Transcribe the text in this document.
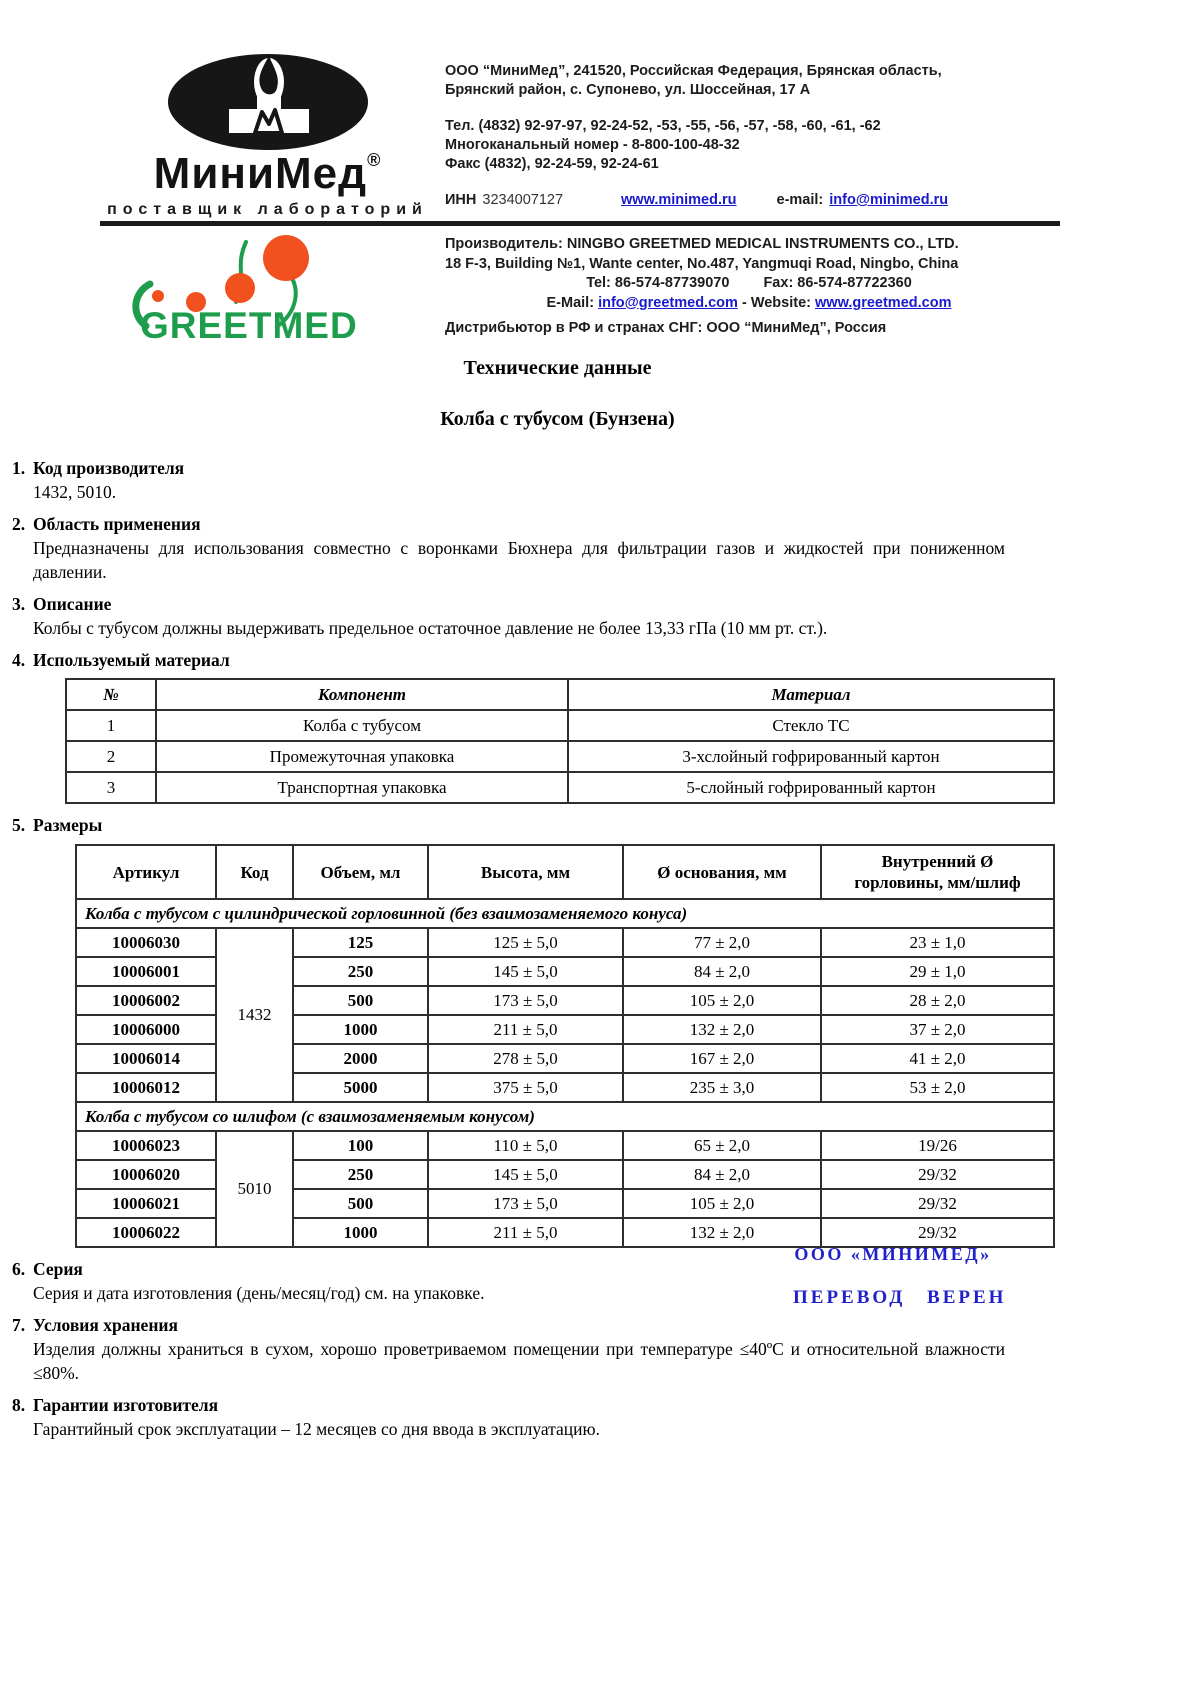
МиниМед®
поставщик лабораторий
ООО “МиниМед”, 241520, Российская Федерация, Брянская область,
Брянский район, с. Супонево, ул. Шоссейная, 17 А
Тел. (4832) 92-97-97, 92-24-52, -53, -55, -56, -57, -58, -60, -61, -62
Многоканальный номер - 8-800-100-48-32
Факс (4832), 92-24-59, 92-24-61
ИНН 3234007127	www.minimed.ru	e-mail: info@minimed.ru
GREETMED
Производитель: NINGBO GREETMED MEDICAL INSTRUMENTS CO., LTD.
18 F-3, Building №1, Wante center, No.487, Yangmuqi Road, Ningbo, China
Tel: 86-574-87739070 Fax: 86-574-87722360
E-Mail: info@greetmed.com - Website: www.greetmed.com
Дистрибьютор в РФ и странах СНГ: ООО “МиниМед”, Россия
Технические данные
Колба с тубусом (Бунзена)
1. Код производителя
1432, 5010.
2. Область применения
Предназначены для использования совместно с воронками Бюхнера для фильтрации газов и жидкостей при пониженном давлении.
3. Описание
Колбы с тубусом должны выдерживать предельное остаточное давление не более 13,33 гПа (10 мм рт. ст.).
4. Используемый материал
№	Компонент	Материал
1	Колба с тубусом	Стекло ТС
2	Промежуточная упаковка	3-хслойный гофрированный картон
3	Транспортная упаковка	5-слойный гофрированный картон
5. Размеры
Артикул	Код	Объем, мл	Высота, мм	Ø основания, мм	Внутренний Ø
горловины, мм/шлиф

Колба с тубусом с цилиндрической горловинной (без взаимозаменяемого конуса)					
10006030	1432	125	125 ± 5,0	77 ± 2,0	23 ± 1,0
10006001		250	145 ± 5,0	84 ± 2,0	29 ± 1,0
10006002		500	173 ± 5,0	105 ± 2,0	28 ± 2,0
10006000		1000	211 ± 5,0	132 ± 2,0	37 ± 2,0
10006014		2000	278 ± 5,0	167 ± 2,0	41 ± 2,0
10006012		5000	375 ± 5,0	235 ± 3,0	53 ± 2,0
Колба с тубусом со шлифом (с взаимозаменяемым конусом)					
10006023	5010	100	110 ± 5,0	65 ± 2,0	19/26
10006020		250	145 ± 5,0	84 ± 2,0	29/32
10006021		500	173 ± 5,0	105 ± 2,0	29/32
10006022		1000	211 ± 5,0	132 ± 2,0	29/32
6. Серия
Серия и дата изготовления (день/месяц/год) см. на упаковке.
7. Условия хранения
Изделия должны храниться в сухом, хорошо проветриваемом помещении при температуре ≤40ºС и относительной влажности ≤80%.
8. Гарантии изготовителя
Гарантийный срок эксплуатации – 12 месяцев со дня ввода в эксплуатацию.
ООО «МИНИМЕД»
ПЕРЕВОД ВЕРЕН
